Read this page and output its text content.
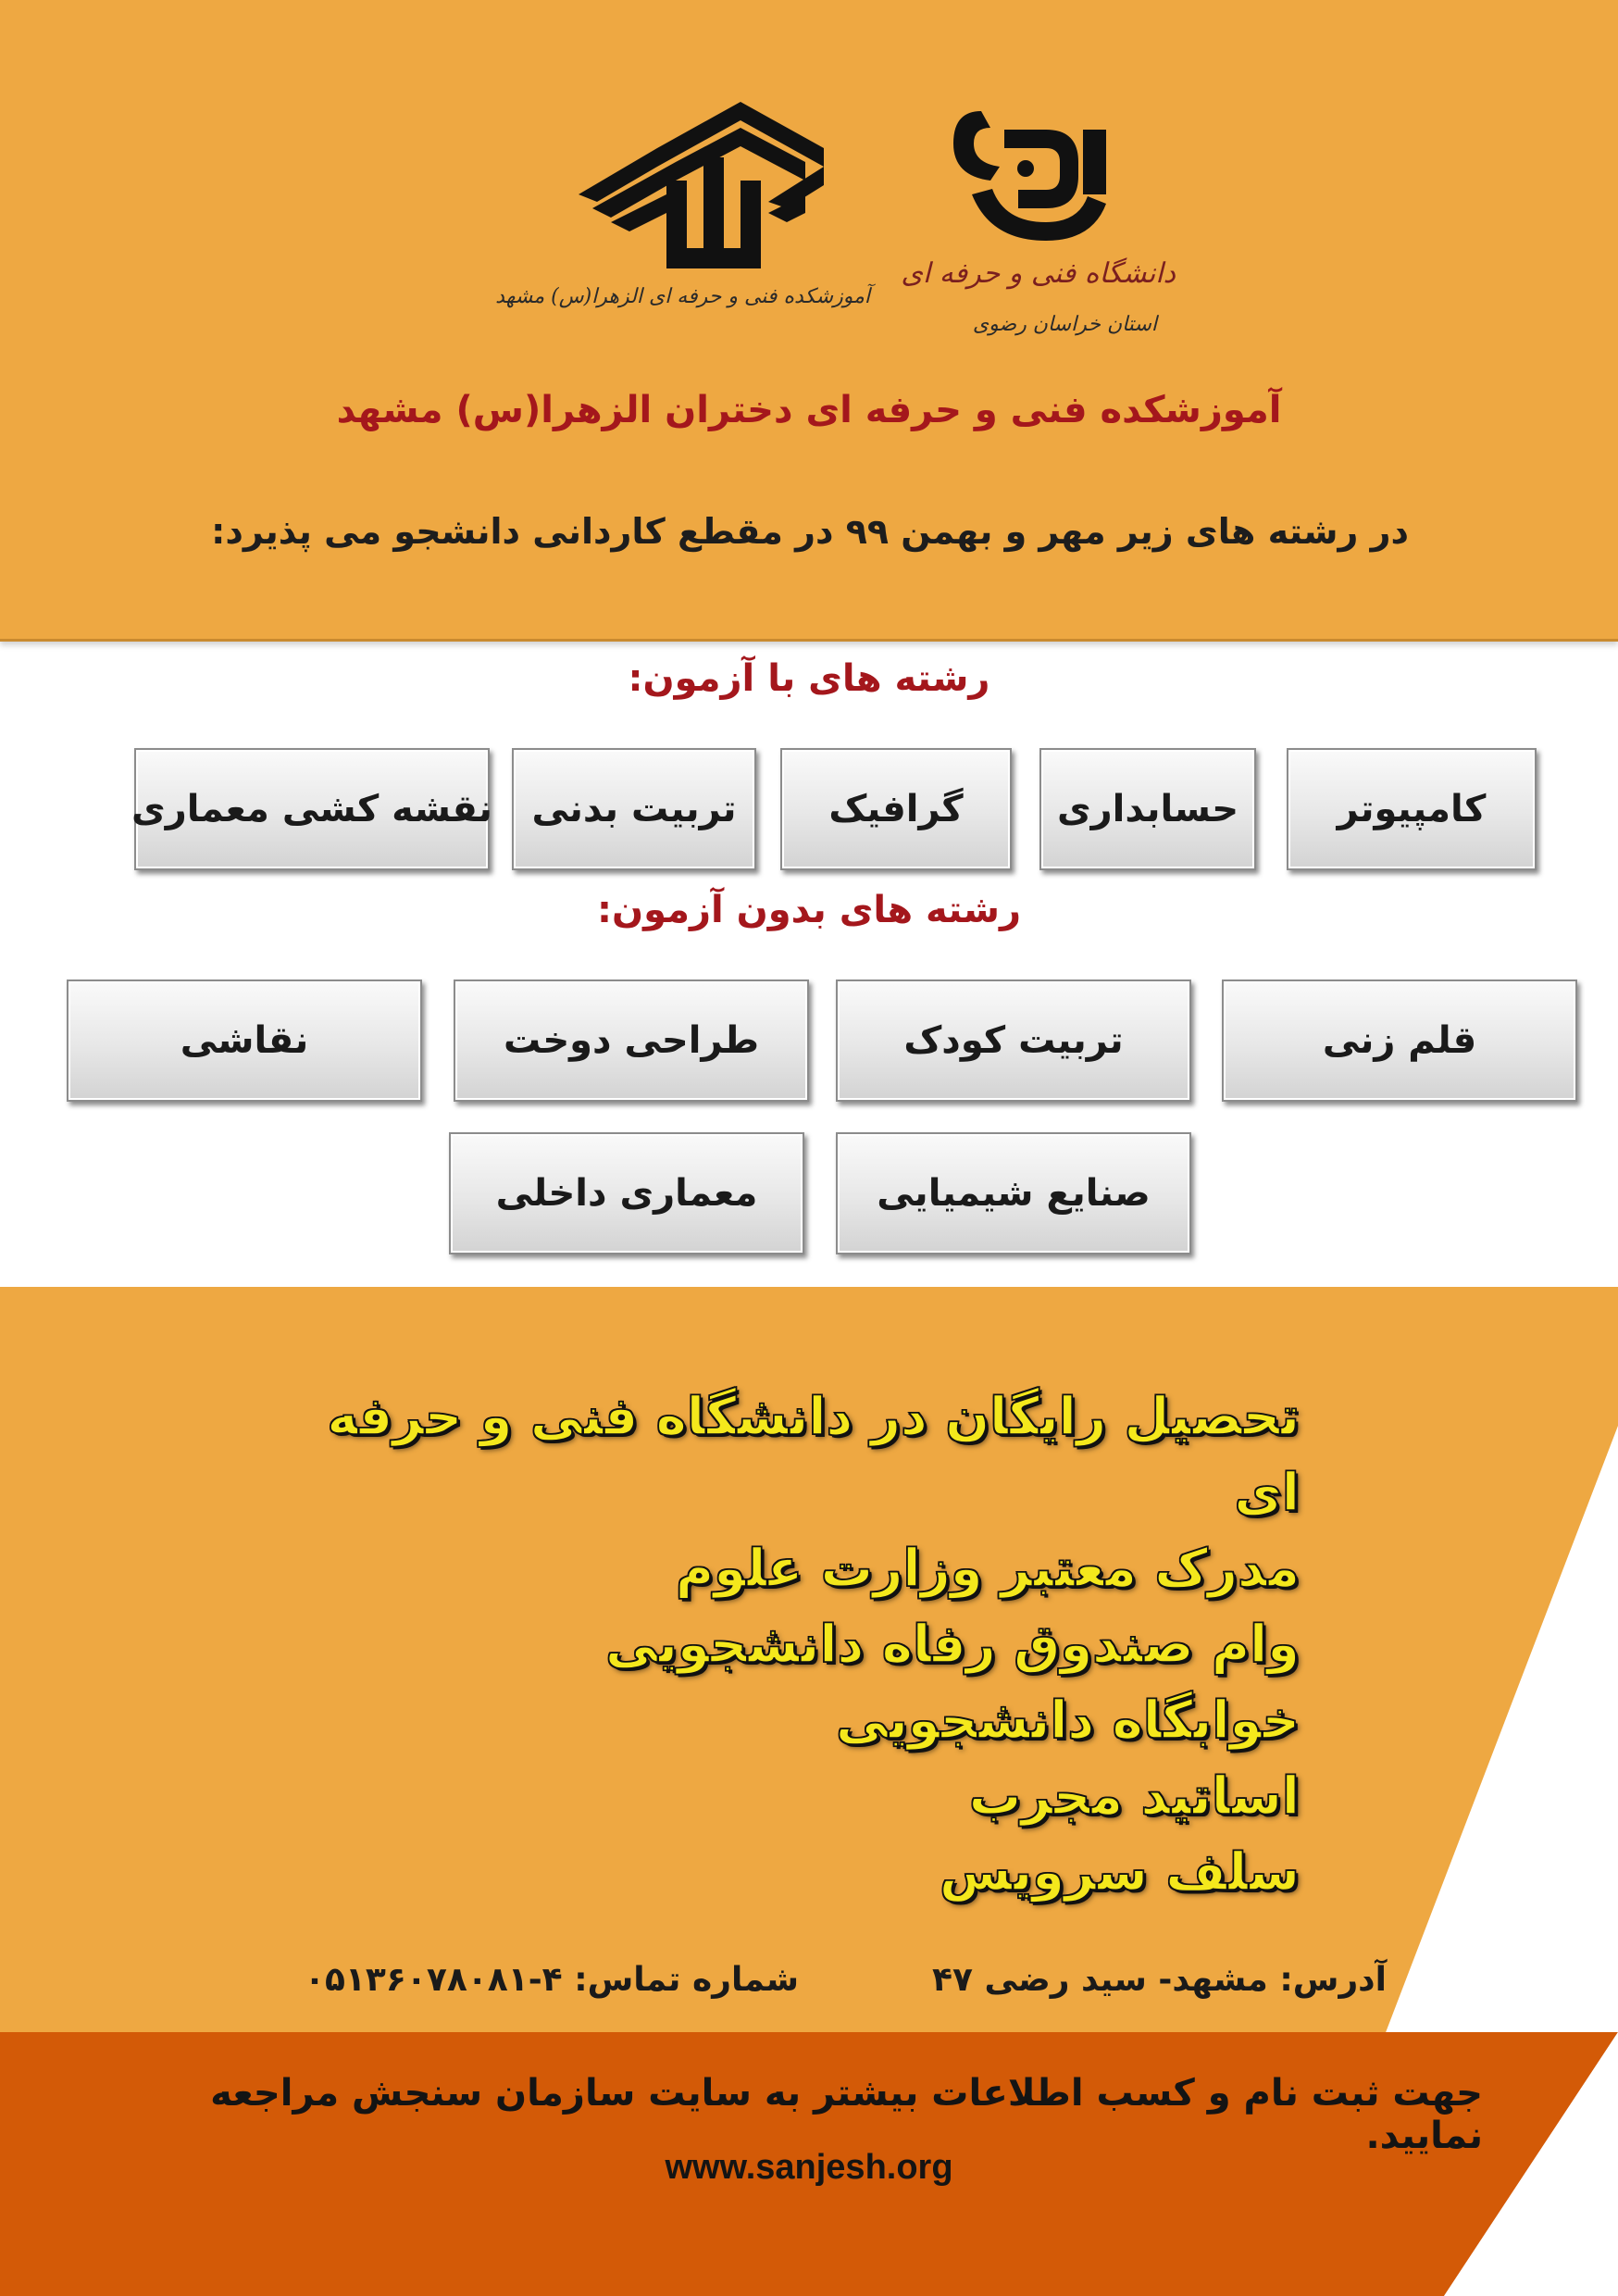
آموزشکده فنی و حرفه ای الزهرا(س) مشهد
دانشگاه فنی و حرفه ای
استان خراسان رضوی
آموزشکده فنی و حرفه ای دختران الزهرا(س) مشهد
در رشته های زیر مهر و بهمن ۹۹ در مقطع کاردانی دانشجو می پذیرد:
رشته های با آزمون:
کامپیوتر
حسابداری
گرافیک
تربیت بدنی
نقشه کشی معماری
رشته های بدون آزمون:
قلم زنی
تربیت کودک
طراحی دوخت
نقاشی
صنایع شیمیایی
معماری داخلی
تحصیل رایگان در دانشگاه فنی و حرفه ای
مدرک معتبر وزارت علوم
وام صندوق رفاه دانشجویی
خوابگاه دانشجویی
اساتید مجرب
سلف سرویس
آدرس: مشهد- سید رضی ۴۷
شماره تماس: ۴-۰۵۱۳۶۰۷۸۰۸۱
جهت ثبت نام و کسب اطلاعات بیشتر به سایت سازمان سنجش مراجعه نمایید.
www.sanjesh.org
